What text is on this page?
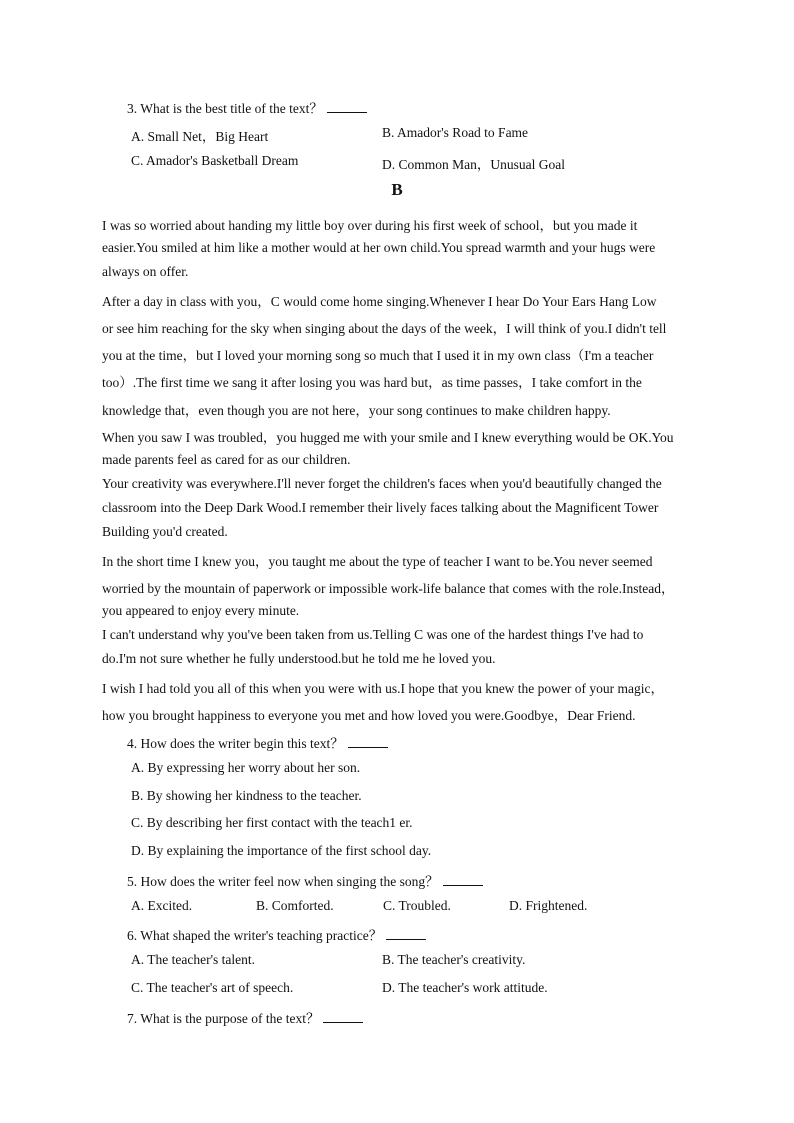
3. What is the best title of the text？
A. Small Net，Big Heart	B. Amador's Road to Fame
C. Amador's Basketball Dream	D. Common Man，Unusual Goal
B
I was so worried about handing my little boy over during his first week of school，but you made it
easier.You smiled at him like a mother would at her own child.You spread warmth and your hugs were
always on offer.
After a day in class with you，C would come home singing.Whenever I hear Do Your Ears Hang Low
or see him reaching for the sky when singing about the days of the week，I will think of you.I didn't tell
you at the time，but I loved your morning song so much that I used it in my own class（I'm a teacher
too）.The first time we sang it after losing you was hard but，as time passes，I take comfort in the
knowledge that，even though you are not here，your song continues to make children happy.
When you saw I was troubled，you hugged me with your smile and I knew everything would be OK.You
made parents feel as cared for as our children.
Your creativity was everywhere.I'll never forget the children's faces when you'd beautifully changed the
classroom into the Deep Dark Wood.I remember their lively faces talking about the Magnificent Tower
Building you'd created.
In the short time I knew you，you taught me about the type of teacher I want to be.You never seemed
worried by the mountain of paperwork or impossible work-life balance that comes with the role.Instead，
you appeared to enjoy every minute.
I can't understand why you've been taken from us.Telling C was one of the hardest things I've had to
do.I'm not sure whether he fully understood.but he told me he loved you.
I wish I had told you all of this when you were with us.I hope that you knew the power of your magic，
how you brought happiness to everyone you met and how loved you were.Goodbye，Dear Friend.
4. How does the writer begin this text？
A. By expressing her worry about her son.
B. By showing her kindness to the teacher.
C. By describing her first contact with the teach1 er.
D. By explaining the importance of the first school day.
5. How does the writer feel now when singing the song？
A. Excited.	B. Comforted.	C. Troubled.	D. Frightened.
6. What shaped the writer's teaching practice？
A. The teacher's talent.	B. The teacher's creativity.
C. The teacher's art of speech.	D. The teacher's work attitude.
7. What is the purpose of the text？
